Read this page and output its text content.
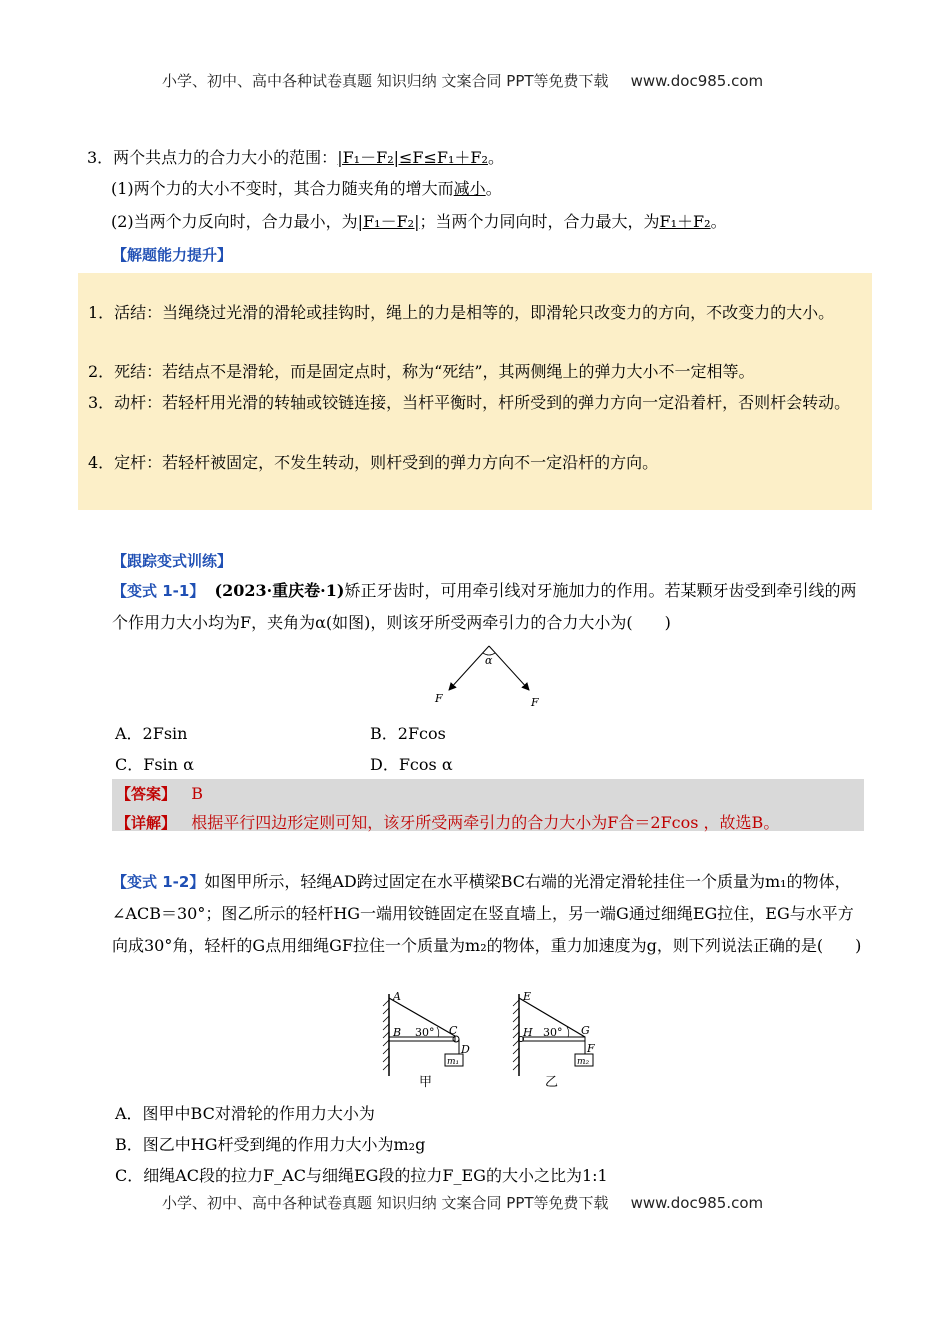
小学、初中、高中各种试卷真题 知识归纳 文案合同 PPT等免费下载 www.doc985.com
3．两个共点力的合力大小的范围：|F₁－F₂|≤F≤F₁＋F₂。
(1)两个力的大小不变时，其合力随夹角的增大而减小。
(2)当两个力反向时，合力最小，为|F₁－F₂|；当两个力同向时，合力最大，为F₁＋F₂。
【解题能力提升】
1．活结：当绳绕过光滑的滑轮或挂钩时，绳上的力是相等的，即滑轮只改变力的方向，不改变力的大小。
2．死结：若结点不是滑轮，而是固定点时，称为“死结”，其两侧绳上的弹力大小不一定相等。
3．动杆：若轻杆用光滑的转轴或铰链连接，当杆平衡时，杆所受到的弹力方向一定沿着杆，否则杆会转动。
4．定杆：若轻杆被固定，不发生转动，则杆受到的弹力方向不一定沿杆的方向。
【跟踪变式训练】
【变式 1-1】 (2023·重庆卷·1)矫正牙齿时，可用牵引线对牙施加力的作用。若某颗牙齿受到牵引线的两个作用力大小均为F，夹角为α(如图)，则该牙所受两牵引力的合力大小为(　　)
α
F	F
A．2Fsin	B．2Fcos
C．Fsin α	D．Fcos α
【答案】 B
【详解】 根据平行四边形定则可知，该牙所受两牵引力的合力大小为F合＝2Fcos ，故选B。
【变式 1-2】如图甲所示，轻绳AD跨过固定在水平横梁BC右端的光滑定滑轮挂住一个质量为m₁的物体，∠ACB＝30°；图乙所示的轻杆HG一端用铰链固定在竖直墙上，另一端G通过细绳EG拉住，EG与水平方向成30°角，轻杆的G点用细绳GF拉住一个质量为m₂的物体，重力加速度为g，则下列说法正确的是(　　)
A
B	C
D
30°
m₁
甲
E
H	G
F
30°
m₂
乙
A．图甲中BC对滑轮的作用力大小为
B．图乙中HG杆受到绳的作用力大小为m₂g
C．细绳AC段的拉力F_AC与细绳EG段的拉力F_EG的大小之比为1:1
小学、初中、高中各种试卷真题 知识归纳 文案合同 PPT等免费下载 www.doc985.com
